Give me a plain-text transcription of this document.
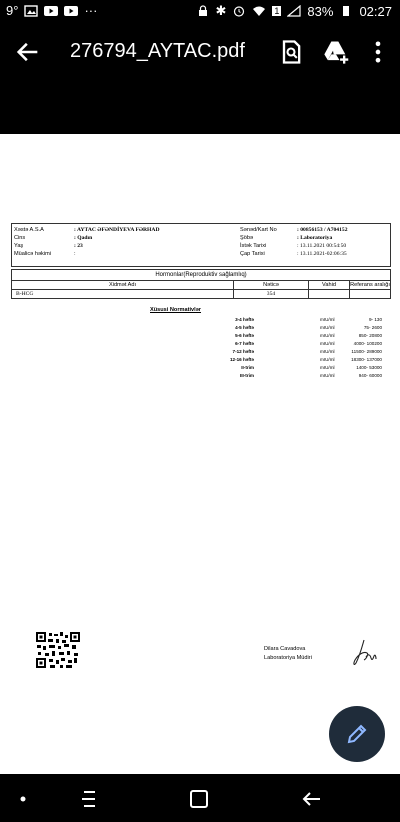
9°	···	✱	1 83% 02:27
276794_AYTAC.pdf
Xəstə A.S.A	: AYTAC ƏFƏNDİYEVA FƏRHAD
Cins	: Qadın
Yaş	: 23
Müalicə həkimi	:
Sənəd/Kart No	: 00856153 / A704152
Şöbə	: Laboratoriya
İstək Tarixi	: 13.11.2021 00:54:50
Çap Tarixi	: 13.11.2021-02:06:35
Hormonlar(Reproduktiv sağlamlıq)
Xidmət Adı	Nəticə	Vahid	Referans aralığı
B-HCG	354
Xüsusi Normativlər
3-4 həftə	mIU/ml	9- 130
4-5 həftə	mIU/ml	75- 2600
5-6 həftə	mIU/ml	850- 20800
6-7 həftə	mIU/ml	4000- 100200
7-12 həftə	mIU/ml	11500- 289000
12-16 həftə	mIU/ml	18300- 137000
II-trim	mIU/ml	1400- 53000
III-trim	mIU/ml	940- 60000
Dilara Cavadova
Laboratoriya Müdiri
